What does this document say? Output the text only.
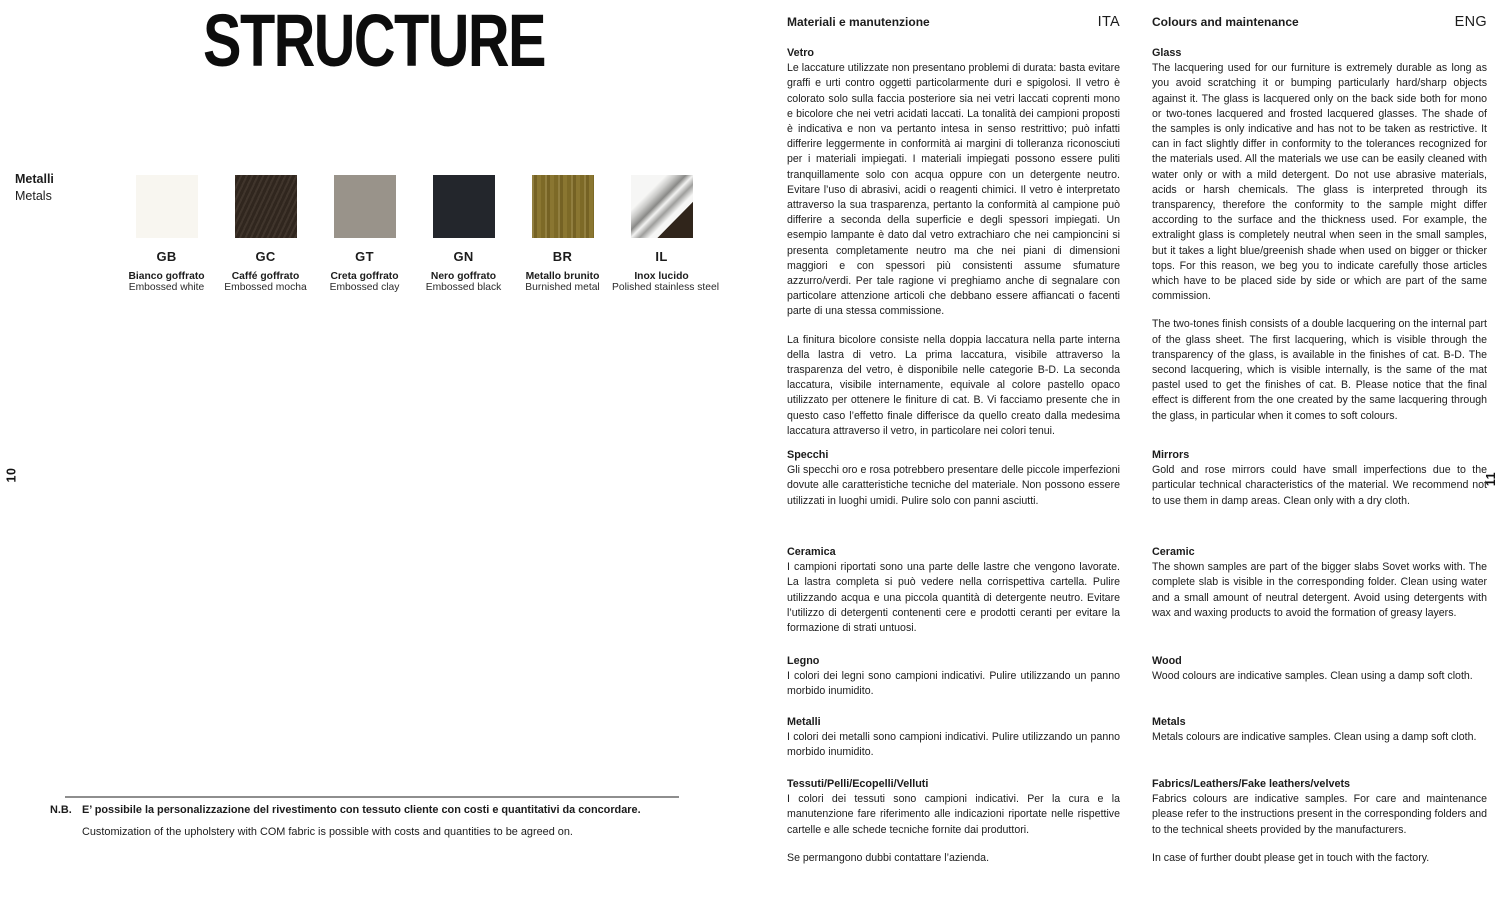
STRUCTURE
10	11
Metalli
Metals
GB
Bianco goffrato
Embossed white
GC
Caffé goffrato
Embossed mocha
GT
Creta goffrato
Embossed clay
GN
Nero goffrato
Embossed black
BR
Metallo brunito
Burnished metal
IL
Inox lucido
Polished stainless steel
N.B. E’ possibile la personalizzazione del rivestimento con tessuto cliente con costi e quantitativi da concordare.
Customization of the upholstery with COM fabric is possible with costs and quantities to be agreed on.
Materiali e manutenzione	ITA
Vetro

Le laccature utilizzate non presentano problemi di durata: basta evitare graffi e urti contro oggetti particolarmente duri e spigolosi. Il vetro è colorato solo sulla faccia posteriore sia nei vetri laccati coprenti mono e bicolore che nei vetri acidati laccati. La tonalità dei campioni proposti è indicativa e non va pertanto intesa in senso restrittivo; può infatti differire leggermente in conformità ai margini di tolleranza riconosciuti per i materiali impiegati. I materiali impiegati possono essere puliti tranquillamente solo con acqua oppure con un detergente neutro. Evitare l’uso di abrasivi, acidi o reagenti chimici. Il vetro è interpretato attraverso la sua trasparenza, pertanto la conformità al campione può differire a seconda della superficie e degli spessori impiegati. Un esempio lampante è dato dal vetro extrachiaro che nei campioncini si presenta completamente neutro ma che nei piani di dimensioni maggiori e con spessori più consistenti assume sfumature azzurro/verdi. Per tale ragione vi preghiamo anche di segnalare con particolare attenzione articoli che debbano essere affiancati o facenti parte di una stessa commissione.

La finitura bicolore consiste nella doppia laccatura nella parte interna della lastra di vetro. La prima laccatura, visibile attraverso la trasparenza del vetro, è disponibile nelle categorie B-D. La seconda laccatura, visibile internamente, equivale al colore pastello opaco utilizzato per ottenere le finiture di cat. B. Vi facciamo presente che in questo caso l’effetto finale differisce da quello creato dalla medesima laccatura attraverso il vetro, in particolare nei colori tenui.

Specchi

Gli specchi oro e rosa potrebbero presentare delle piccole imperfezioni dovute alle caratteristiche tecniche del materiale. Non possono essere utilizzati in luoghi umidi. Pulire solo con panni asciutti.

Ceramica

I campioni riportati sono una parte delle lastre che vengono lavorate. La lastra completa si può vedere nella corrispettiva cartella. Pulire utilizzando acqua e una piccola quantità di detergente neutro. Evitare l’utilizzo di detergenti contenenti cere e prodotti ceranti per evitare la formazione di strati untuosi.

Legno

I colori dei legni sono campioni indicativi. Pulire utilizzando un panno morbido inumidito.

Metalli

I colori dei metalli sono campioni indicativi. Pulire utilizzando un panno morbido inumidito.

Tessuti/Pelli/Ecopelli/Velluti

I colori dei tessuti sono campioni indicativi. Per la cura e la manutenzione fare riferimento alle indicazioni riportate nelle rispettive cartelle e alle schede tecniche fornite dai produttori.

Se permangono dubbi contattare l’azienda.

Colours and maintenance	ENG
Glass

The lacquering used for our furniture is extremely durable as long as you avoid scratching it or bumping particularly hard/sharp objects against it. The glass is lacquered only on the back side both for mono or two-tones lacquered and frosted lacquered glasses. The shade of the samples is only indicative and has not to be taken as restrictive. It can in fact slightly differ in conformity to the tolerances recognized for the materials used. All the materials we use can be easily cleaned with water only or with a mild detergent. Do not use abrasive materials, acids or harsh chemicals. The glass is interpreted through its transparency, therefore the conformity to the sample might differ according to the surface and the thickness used. For example, the extralight glass is completely neutral when seen in the small samples, but it takes a light blue/greenish shade when used on bigger or thicker tops. For this reason, we beg you to indicate carefully those articles which have to be placed side by side or which are part of the same commission.

The two-tones finish consists of a double lacquering on the internal part of the glass sheet. The first lacquering, which is visible through the transparency of the glass, is available in the finishes of cat. B-D. The second lacquering, which is visible internally, is the same of the mat pastel used to get the finishes of cat. B. Please notice that the final effect is different from the one created by the same lacquering through the glass, in particular when it comes to soft colours.

Mirrors

Gold and rose mirrors could have small imperfections due to the particular technical characteristics of the material. We recommend not to use them in damp areas. Clean only with a dry cloth.

Ceramic

The shown samples are part of the bigger slabs Sovet works with. The complete slab is visible in the corresponding folder. Clean using water and a small amount of neutral detergent. Avoid using detergents with wax and waxing products to avoid the formation of greasy layers.

Wood

Wood colours are indicative samples. Clean using a damp soft cloth.

Metals

Metals colours are indicative samples. Clean using a damp soft cloth.

Fabrics/Leathers/Fake leathers/velvets

Fabrics colours are indicative samples. For care and maintenance please refer to the instructions present in the corresponding folders and to the technical sheets provided by the manufacturers.

In case of further doubt please get in touch with the factory.
